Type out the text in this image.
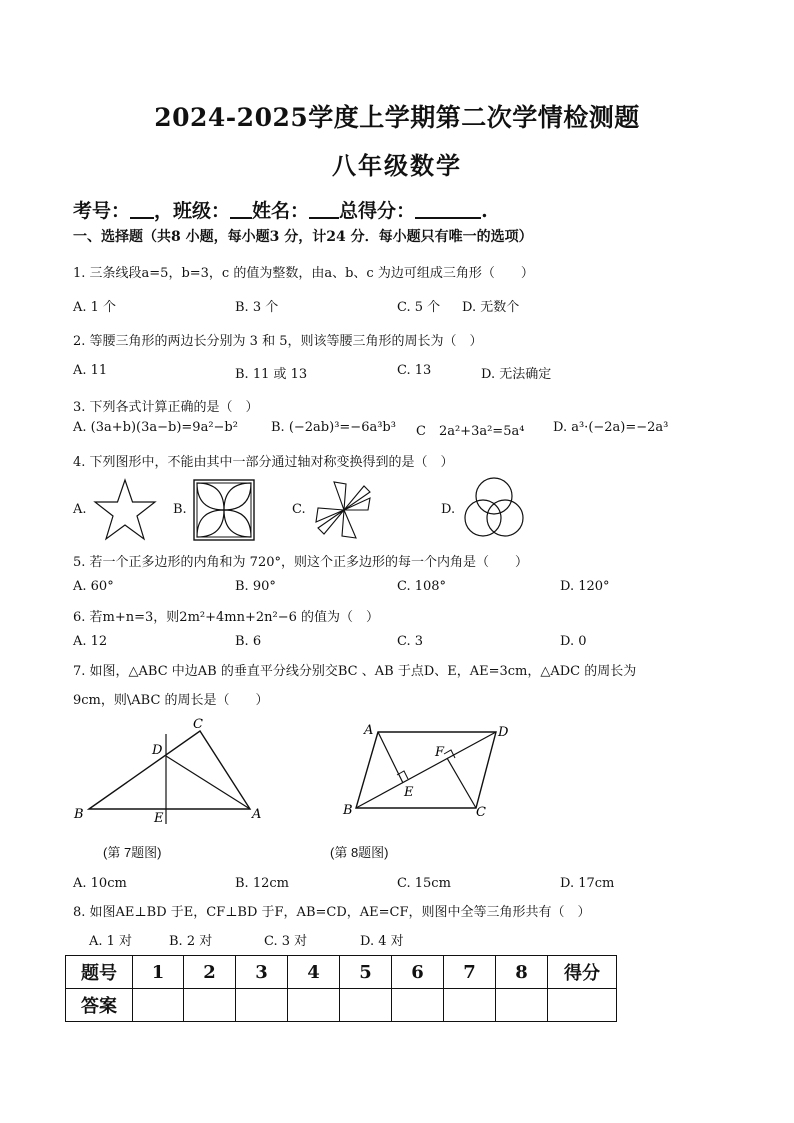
2024-2025学度上学期第二次学情检测题
八年级数学
考号： ，班级： 姓名： 总得分：	.
一、选择题（共8 小题，每小题3 分，计24 分．每小题只有唯一的选项）
1. 三条线段a=5，b=3，c 的值为整数，由a、b、c 为边可组成三角形（　　）
A. 1 个	B. 3 个	C. 5 个 D. 无数个
2. 等腰三角形的两边长分别为 3 和 5，则该等腰三角形的周长为（　）
A. 11	B. 11 或 13	C. 13	D. 无法确定
3. 下列各式计算正确的是（　）
A. (3a+b)(3a−b)=9a²−b²	B. (−2ab)³=−6a³b³ C　2a²+3a²=5a⁴ D. a³·(−2a)=−2a³
4. 下列图形中，不能由其中一部分通过轴对称变换得到的是（　）
A.	B.	C.	D.
5. 若一个正多边形的内角和为 720°，则这个正多边形的每一个内角是（　　）
A. 60°	B. 90°	C. 108°	D. 120°
6. 若m+n=3，则2m²+4mn+2n²−6 的值为（　）
A. 12	B. 6	C. 3	D. 0
7. 如图，△ABC 中边AB 的垂直平分线分别交BC 、AB 于点D、E，AE=3cm，△ADC 的周长为
9cm，则\ABC 的周长是（　　）
C
D
B	E	A
(第 7题图)
A	D
F
E
B	C
(第 8题图)
A. 10cm	B. 12cm	C. 15cm	D. 17cm
8. 如图AE⊥BD 于E，CF⊥BD 于F，AB=CD，AE=CF，则图中全等三角形共有（　）
A. 1 对	B. 2 对	C. 3 对	D. 4 对
题号	1	2	3	4	5	6	7	8	得分
答案									
